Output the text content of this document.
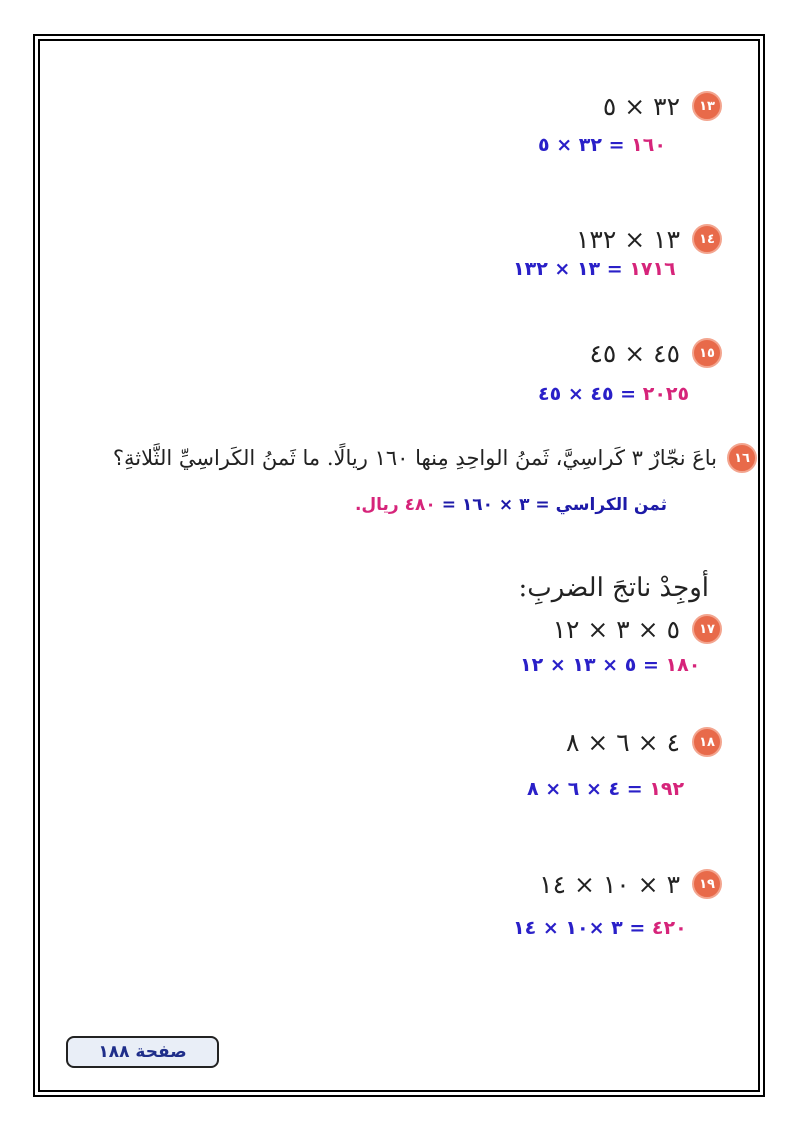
١٣
٣٢ × ٥
١٦٠ = ٣٢ × ٥
١٤
١٣ × ١٣٢
١٧١٦ = ١٣ × ١٣٢
١٥
٤٥ × ٤٥
٢٠٢٥ = ٤٥ × ٤٥
١٦
باعَ نجّارٌ ٣ كَراسِيَّ، ثَمنُ الواحِدِ مِنها ١٦٠ ريالًا. ما ثَمنُ الكَراسِيِّ الثَّلاثةِ؟
ثمن الكراسي = ٣ × ١٦٠ = ٤٨٠ ريال.
أوجِدْ ناتجَ الضربِ:
١٧
٥ × ٣ × ١٢
١٨٠ = ٥ × ١٣ × ١٢
١٨
٤ × ٦ × ٨
١٩٢ = ٤ × ٦ × ٨
١٩
٣ × ١٠ × ١٤
٤٢٠ = ٣ ×١٠ × ١٤
صفحة ١٨٨
